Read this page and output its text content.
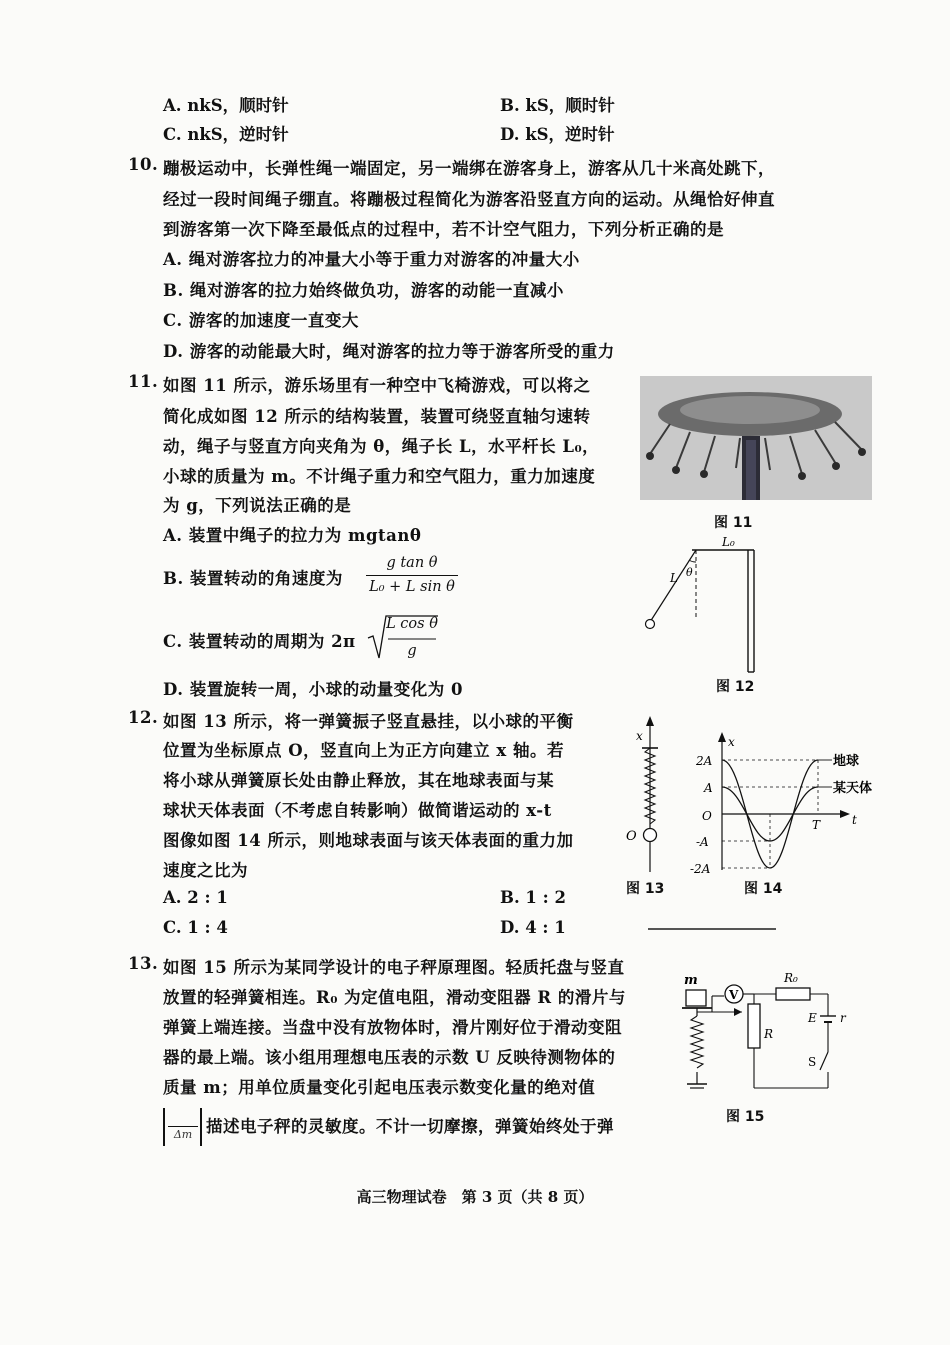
A. nkS，顺时针	B. kS，顺时针
C. nkS，逆时针	D. kS，逆时针
10. 蹦极运动中，长弹性绳一端固定，另一端绑在游客身上，游客从几十米高处跳下，
经过一段时间绳子绷直。将蹦极过程简化为游客沿竖直方向的运动。从绳恰好伸直
到游客第一次下降至最低点的过程中，若不计空气阻力，下列分析正确的是
A. 绳对游客拉力的冲量大小等于重力对游客的冲量大小
B. 绳对游客的拉力始终做负功，游客的动能一直减小
C. 游客的加速度一直变大
D. 游客的动能最大时，绳对游客的拉力等于游客所受的重力
11. 如图 11 所示，游乐场里有一种空中飞椅游戏，可以将之
简化成如图 12 所示的结构装置，装置可绕竖直轴匀速转
动，绳子与竖直方向夹角为 θ，绳子长 L，水平杆长 L₀，
小球的质量为 m。不计绳子重力和空气阻力，重力加速度
为 g，下列说法正确的是
A. 装置中绳子的拉力为 mgtanθ
B. 装置转动的角速度为
g tan θ
L₀ + L sin θ
C. 装置转动的周期为 2π
L cos θ
g
D. 装置旋转一周，小球的动量变化为 0
图 11
L₀
L θ
图 12
12. 如图 13 所示，将一弹簧振子竖直悬挂，以小球的平衡
位置为坐标原点 O，竖直向上为正方向建立 x 轴。若
将小球从弹簧原长处由静止释放，其在地球表面与某
球状天体表面（不考虑自转影响）做简谐运动的 x-t
图像如图 14 所示，则地球表面与该天体表面的重力加
速度之比为
A. 2 : 1	B. 1 : 2
C. 1 : 4	D. 4 : 1
x
O
图 13
x
t
T
O
2A
A
-A
-2A
地球
某天体
图 14
13. 如图 15 所示为某同学设计的电子秤原理图。轻质托盘与竖直
放置的轻弹簧相连。R₀ 为定值电阻，滑动变阻器 R 的滑片与
弹簧上端连接。当盘中没有放物体时，滑片刚好位于滑动变阻
器的最上端。该小组用理想电压表的示数 U 反映待测物体的
质量 m；用单位质量变化引起电压表示数变化量的绝对值
Δm 描述电子秤的灵敏度。不计一切摩擦，弹簧始终处于弹
V
m	R₀
R
E r
S
图 15
高三物理试卷　第 3 页（共 8 页）
